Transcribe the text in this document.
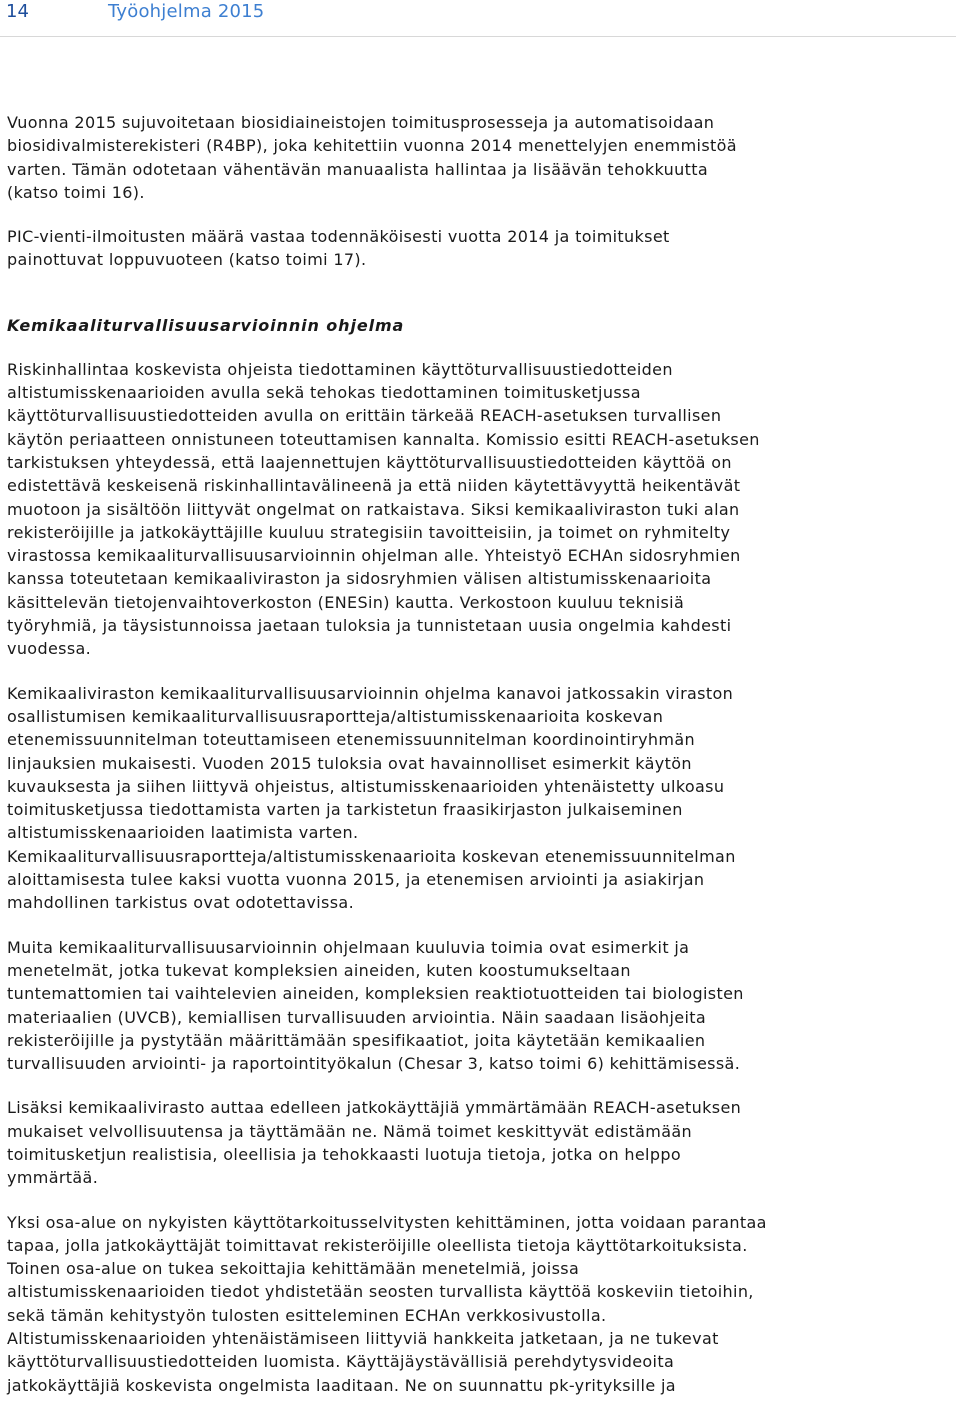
14	Työohjelma 2015

Vuonna 2015 sujuvoitetaan biosidiaineistojen toimitusprosesseja ja automatisoidaan
biosidivalmisterekisteri (R4BP), joka kehitettiin vuonna 2014 menettelyjen enemmistöä
varten. Tämän odotetaan vähentävän manuaalista hallintaa ja lisäävän tehokkuutta
(katso toimi 16).

PIC-vienti-ilmoitusten määrä vastaa todennäköisesti vuotta 2014 ja toimitukset
painottuvat loppuvuoteen (katso toimi 17).

Kemikaaliturvallisuusarvioinnin ohjelma

Riskinhallintaa koskevista ohjeista tiedottaminen käyttöturvallisuustiedotteiden
altistumisskenaarioiden avulla sekä tehokas tiedottaminen toimitusketjussa
käyttöturvallisuustiedotteiden avulla on erittäin tärkeää REACH-asetuksen turvallisen
käytön periaatteen onnistuneen toteuttamisen kannalta. Komissio esitti REACH-asetuksen
tarkistuksen yhteydessä, että laajennettujen käyttöturvallisuustiedotteiden käyttöä on
edistettävä keskeisenä riskinhallintavälineenä ja että niiden käytettävyyttä heikentävät
muotoon ja sisältöön liittyvät ongelmat on ratkaistava. Siksi kemikaaliviraston tuki alan
rekisteröijille ja jatkokäyttäjille kuuluu strategisiin tavoitteisiin, ja toimet on ryhmitelty
virastossa kemikaaliturvallisuusarvioinnin ohjelman alle. Yhteistyö ECHAn sidosryhmien
kanssa toteutetaan kemikaaliviraston ja sidosryhmien välisen altistumisskenaarioita
käsittelevän tietojenvaihtoverkoston (ENESin) kautta. Verkostoon kuuluu teknisiä
työryhmiä, ja täysistunnoissa jaetaan tuloksia ja tunnistetaan uusia ongelmia kahdesti
vuodessa.

Kemikaaliviraston kemikaaliturvallisuusarvioinnin ohjelma kanavoi jatkossakin viraston
osallistumisen kemikaaliturvallisuusraportteja/altistumisskenaarioita koskevan
etenemissuunnitelman toteuttamiseen etenemissuunnitelman koordinointiryhmän
linjauksien mukaisesti. Vuoden 2015 tuloksia ovat havainnolliset esimerkit käytön
kuvauksesta ja siihen liittyvä ohjeistus, altistumisskenaarioiden yhtenäistetty ulkoasu
toimitusketjussa tiedottamista varten ja tarkistetun fraasikirjaston julkaiseminen
altistumisskenaarioiden laatimista varten.
Kemikaaliturvallisuusraportteja/altistumisskenaarioita koskevan etenemissuunnitelman
aloittamisesta tulee kaksi vuotta vuonna 2015, ja etenemisen arviointi ja asiakirjan
mahdollinen tarkistus ovat odotettavissa.

Muita kemikaaliturvallisuusarvioinnin ohjelmaan kuuluvia toimia ovat esimerkit ja
menetelmät, jotka tukevat kompleksien aineiden, kuten koostumukseltaan
tuntemattomien tai vaihtelevien aineiden, kompleksien reaktiotuotteiden tai biologisten
materiaalien (UVCB), kemiallisen turvallisuuden arviointia. Näin saadaan lisäohjeita
rekisteröijille ja pystytään määrittämään spesifikaatiot, joita käytetään kemikaalien
turvallisuuden arviointi- ja raportointityökalun (Chesar 3, katso toimi 6) kehittämisessä.

Lisäksi kemikaalivirasto auttaa edelleen jatkokäyttäjiä ymmärtämään REACH-asetuksen
mukaiset velvollisuutensa ja täyttämään ne. Nämä toimet keskittyvät edistämään
toimitusketjun realistisia, oleellisia ja tehokkaasti luotuja tietoja, jotka on helppo
ymmärtää.

Yksi osa-alue on nykyisten käyttötarkoitusselvitysten kehittäminen, jotta voidaan parantaa
tapaa, jolla jatkokäyttäjät toimittavat rekisteröijille oleellista tietoja käyttötarkoituksista.
Toinen osa-alue on tukea sekoittajia kehittämään menetelmiä, joissa
altistumisskenaarioiden tiedot yhdistetään seosten turvallista käyttöä koskeviin tietoihin,
sekä tämän kehitystyön tulosten esitteleminen ECHAn verkkosivustolla.
Altistumisskenaarioiden yhtenäistämiseen liittyviä hankkeita jatketaan, ja ne tukevat
käyttöturvallisuustiedotteiden luomista. Käyttäjäystävällisiä perehdytysvideoita
jatkokäyttäjiä koskevista ongelmista laaditaan. Ne on suunnattu pk-yrityksille ja
